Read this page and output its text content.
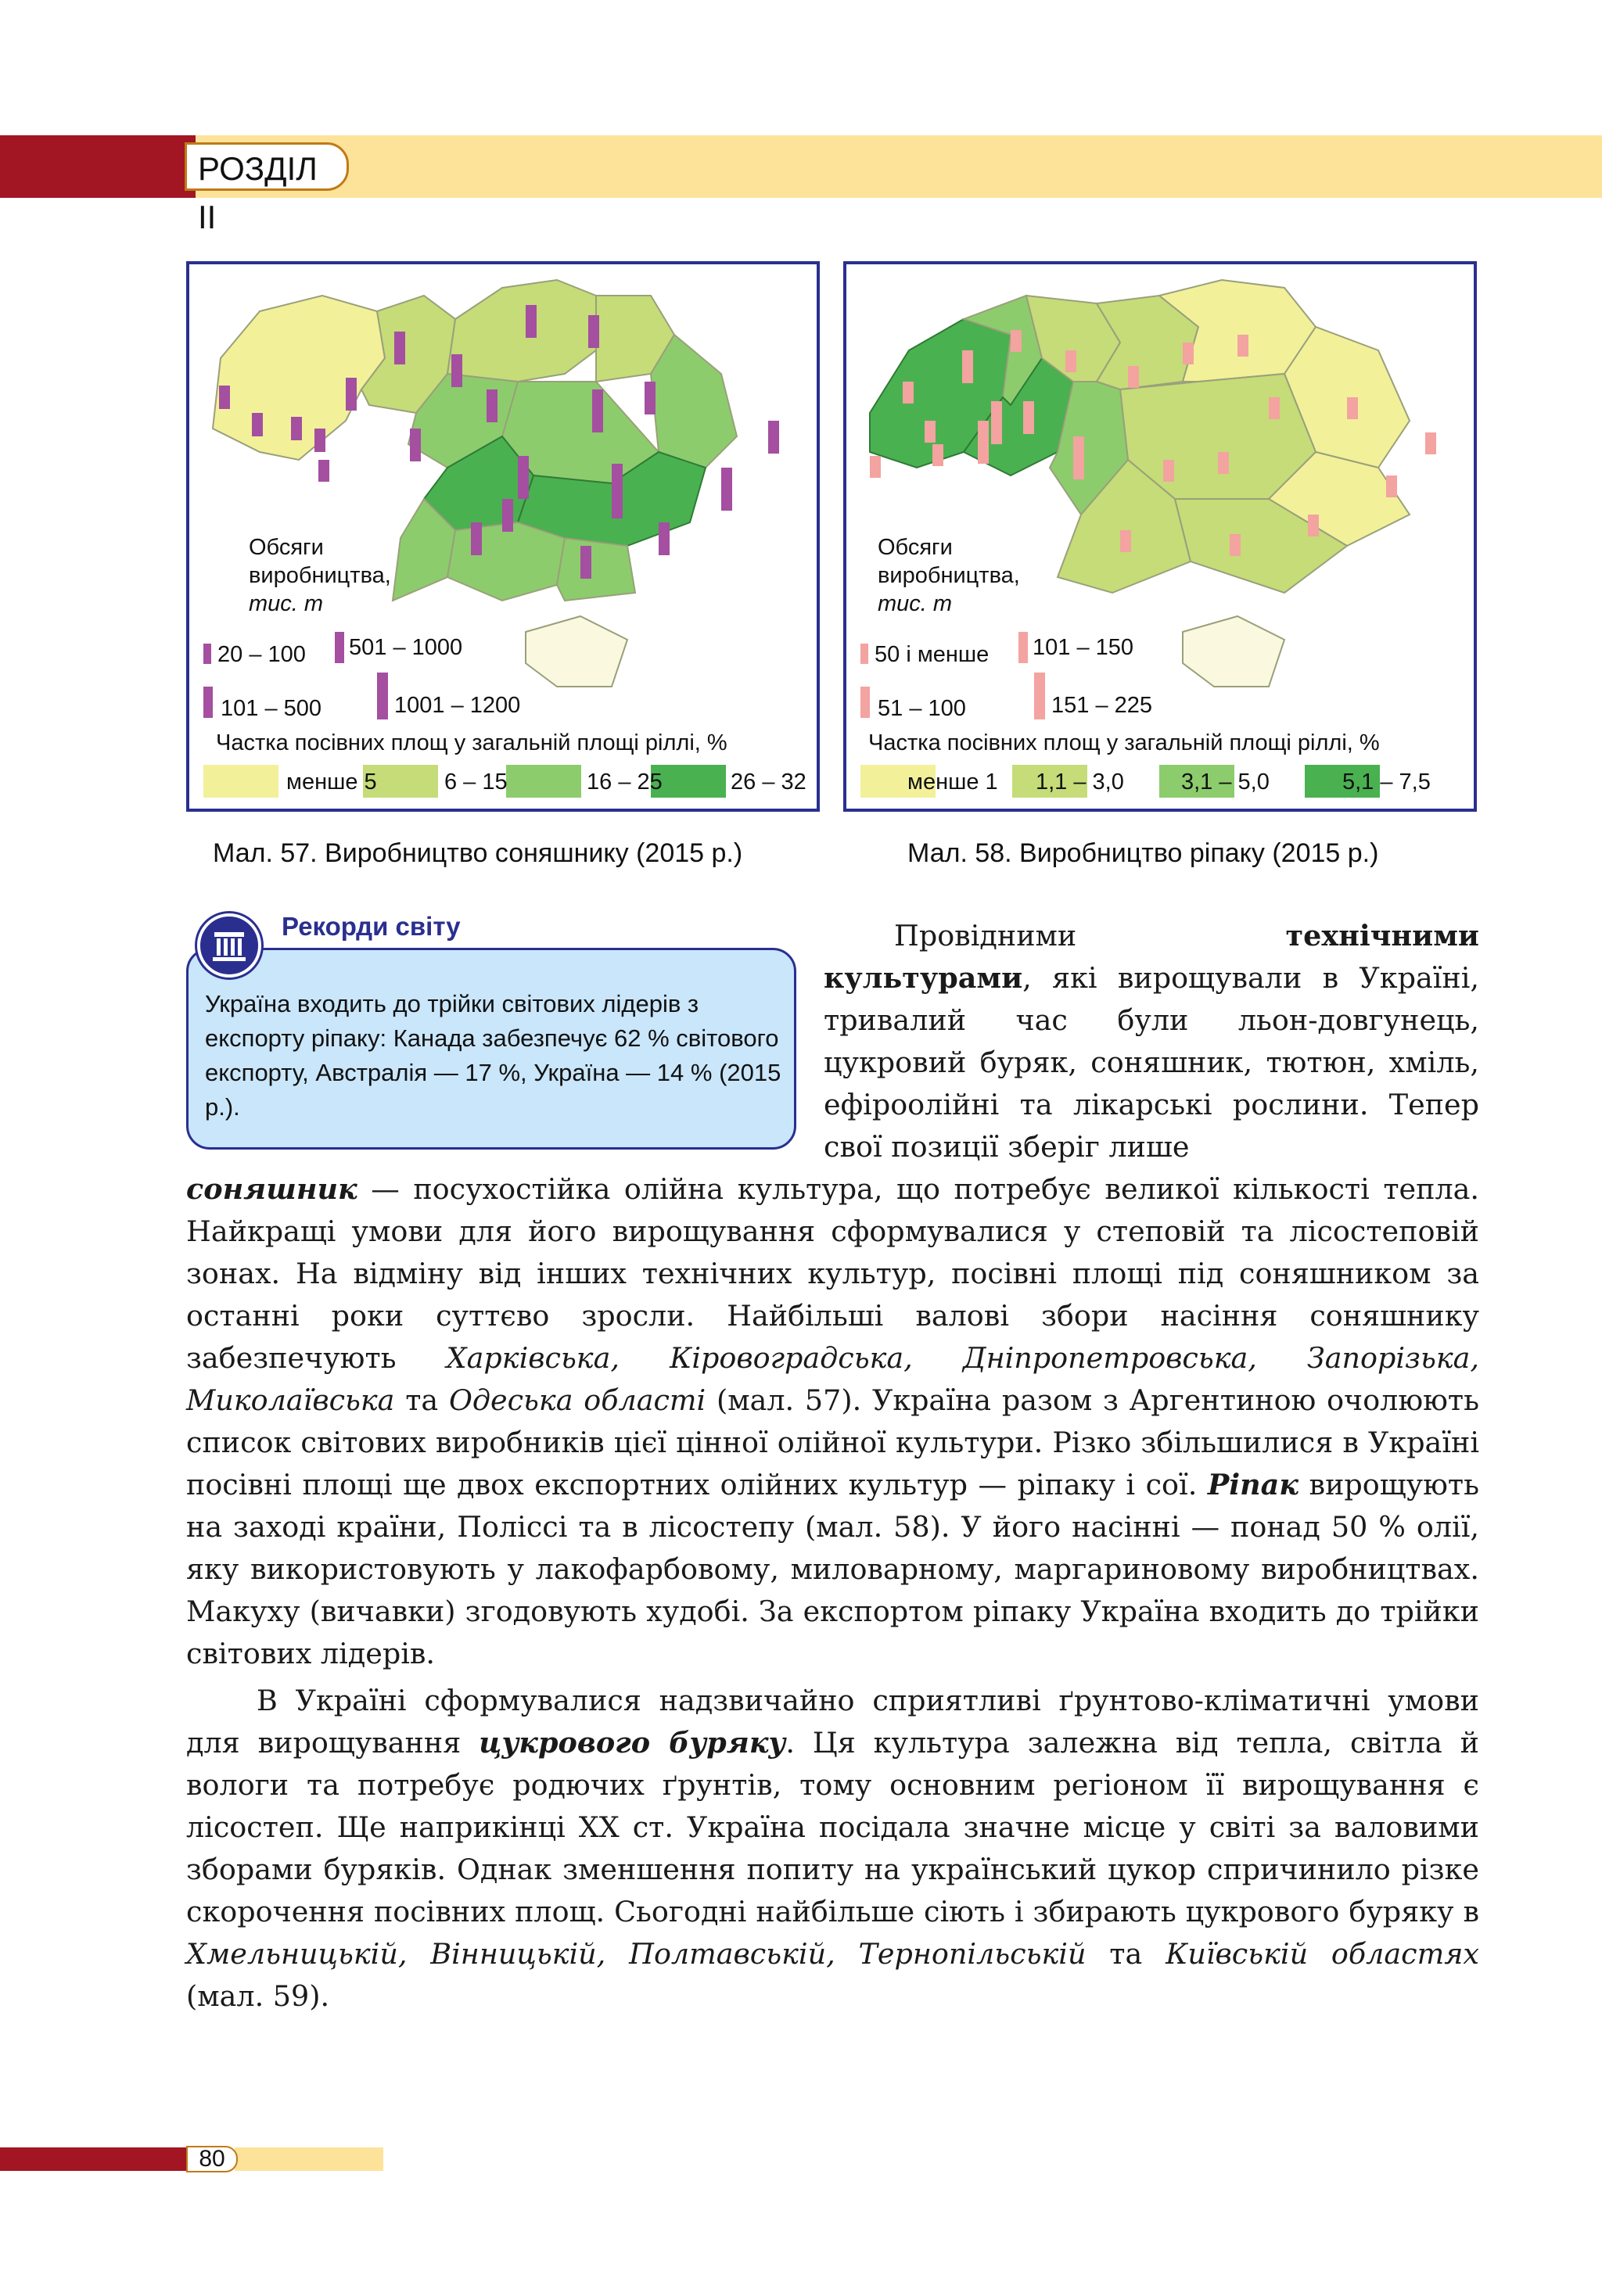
РОЗДІЛ II
Обсяги
виробництва,
тис. т
20 – 100 501 – 1000
101 – 500	1001 – 1200
Частка посівних площ у загальній площі ріллі, %
менше 5	6 – 15	16 – 25	26 – 32
Мал. 57. Виробництво соняшнику (2015 р.)
Обсяги
виробництва,
тис. т
50 і менше 101 – 150
51 – 100	151 – 225
Частка посівних площ у загальній площі ріллі, %
менше 1 1,1 – 3,0	3,1 – 5,0	5,1 – 7,5
Мал. 58. Виробництво ріпаку (2015 р.)
Рекорди світу
Україна входить до трійки світових лідерів з експорту ріпаку: Канада забезпечує 62 % світового експорту, Австралія — 17 %, Україна — 14 % (2015 р.).

Провідними технічними культурами, які вирощували в Україні, тривалий час були льон-довгунець, цукровий буряк, соняшник, тютюн, хміль, ефіроолійні та лікарські рослини. Тепер свої позиції зберіг лише

соняшник — посухостійка олійна культура, що потребує великої кількості тепла. Найкращі умови для його вирощування сформувалися у степовій та лісостеповій зонах. На відміну від інших технічних культур, посівні площі під соняшником за останні роки суттєво зросли. Найбільші валові збори насіння соняшнику забезпечують Харківська, Кіровоградська, Дніпропетровська, Запорізька, Миколаївська та Одеська області (мал. 57). Україна разом з Аргентиною очолюють список світових виробників цієї цінної олійної культури. Різко збільшилися в Україні посівні площі ще двох експортних олійних культур — ріпаку і сої. Ріпак вирощують на заході країни, Поліссі та в лісостепу (мал. 58). У його насінні — понад 50 % олії, яку використовують у лакофарбовому, миловарному, маргариновому виробництвах. Макуху (вичавки) згодовують худобі. За експортом ріпаку Україна входить до трійки світових лідерів.

В Україні сформувалися надзвичайно сприятливі ґрунтово-кліматичні умови для вирощування цукрового буряку. Ця культура залежна від тепла, світла й вологи та потребує родючих ґрунтів, тому основним регіоном її вирощування є лісостеп. Ще наприкінці XX ст. Україна посідала значне місце у світі за валовими зборами буряків. Однак зменшення попиту на український цукор спричинило різке скорочення посівних площ. Сьогодні найбільше сіють і збирають цукрового буряку в Хмельницькій, Вінницькій, Полтавській, Тернопільській та Київській областях (мал. 59).

80
